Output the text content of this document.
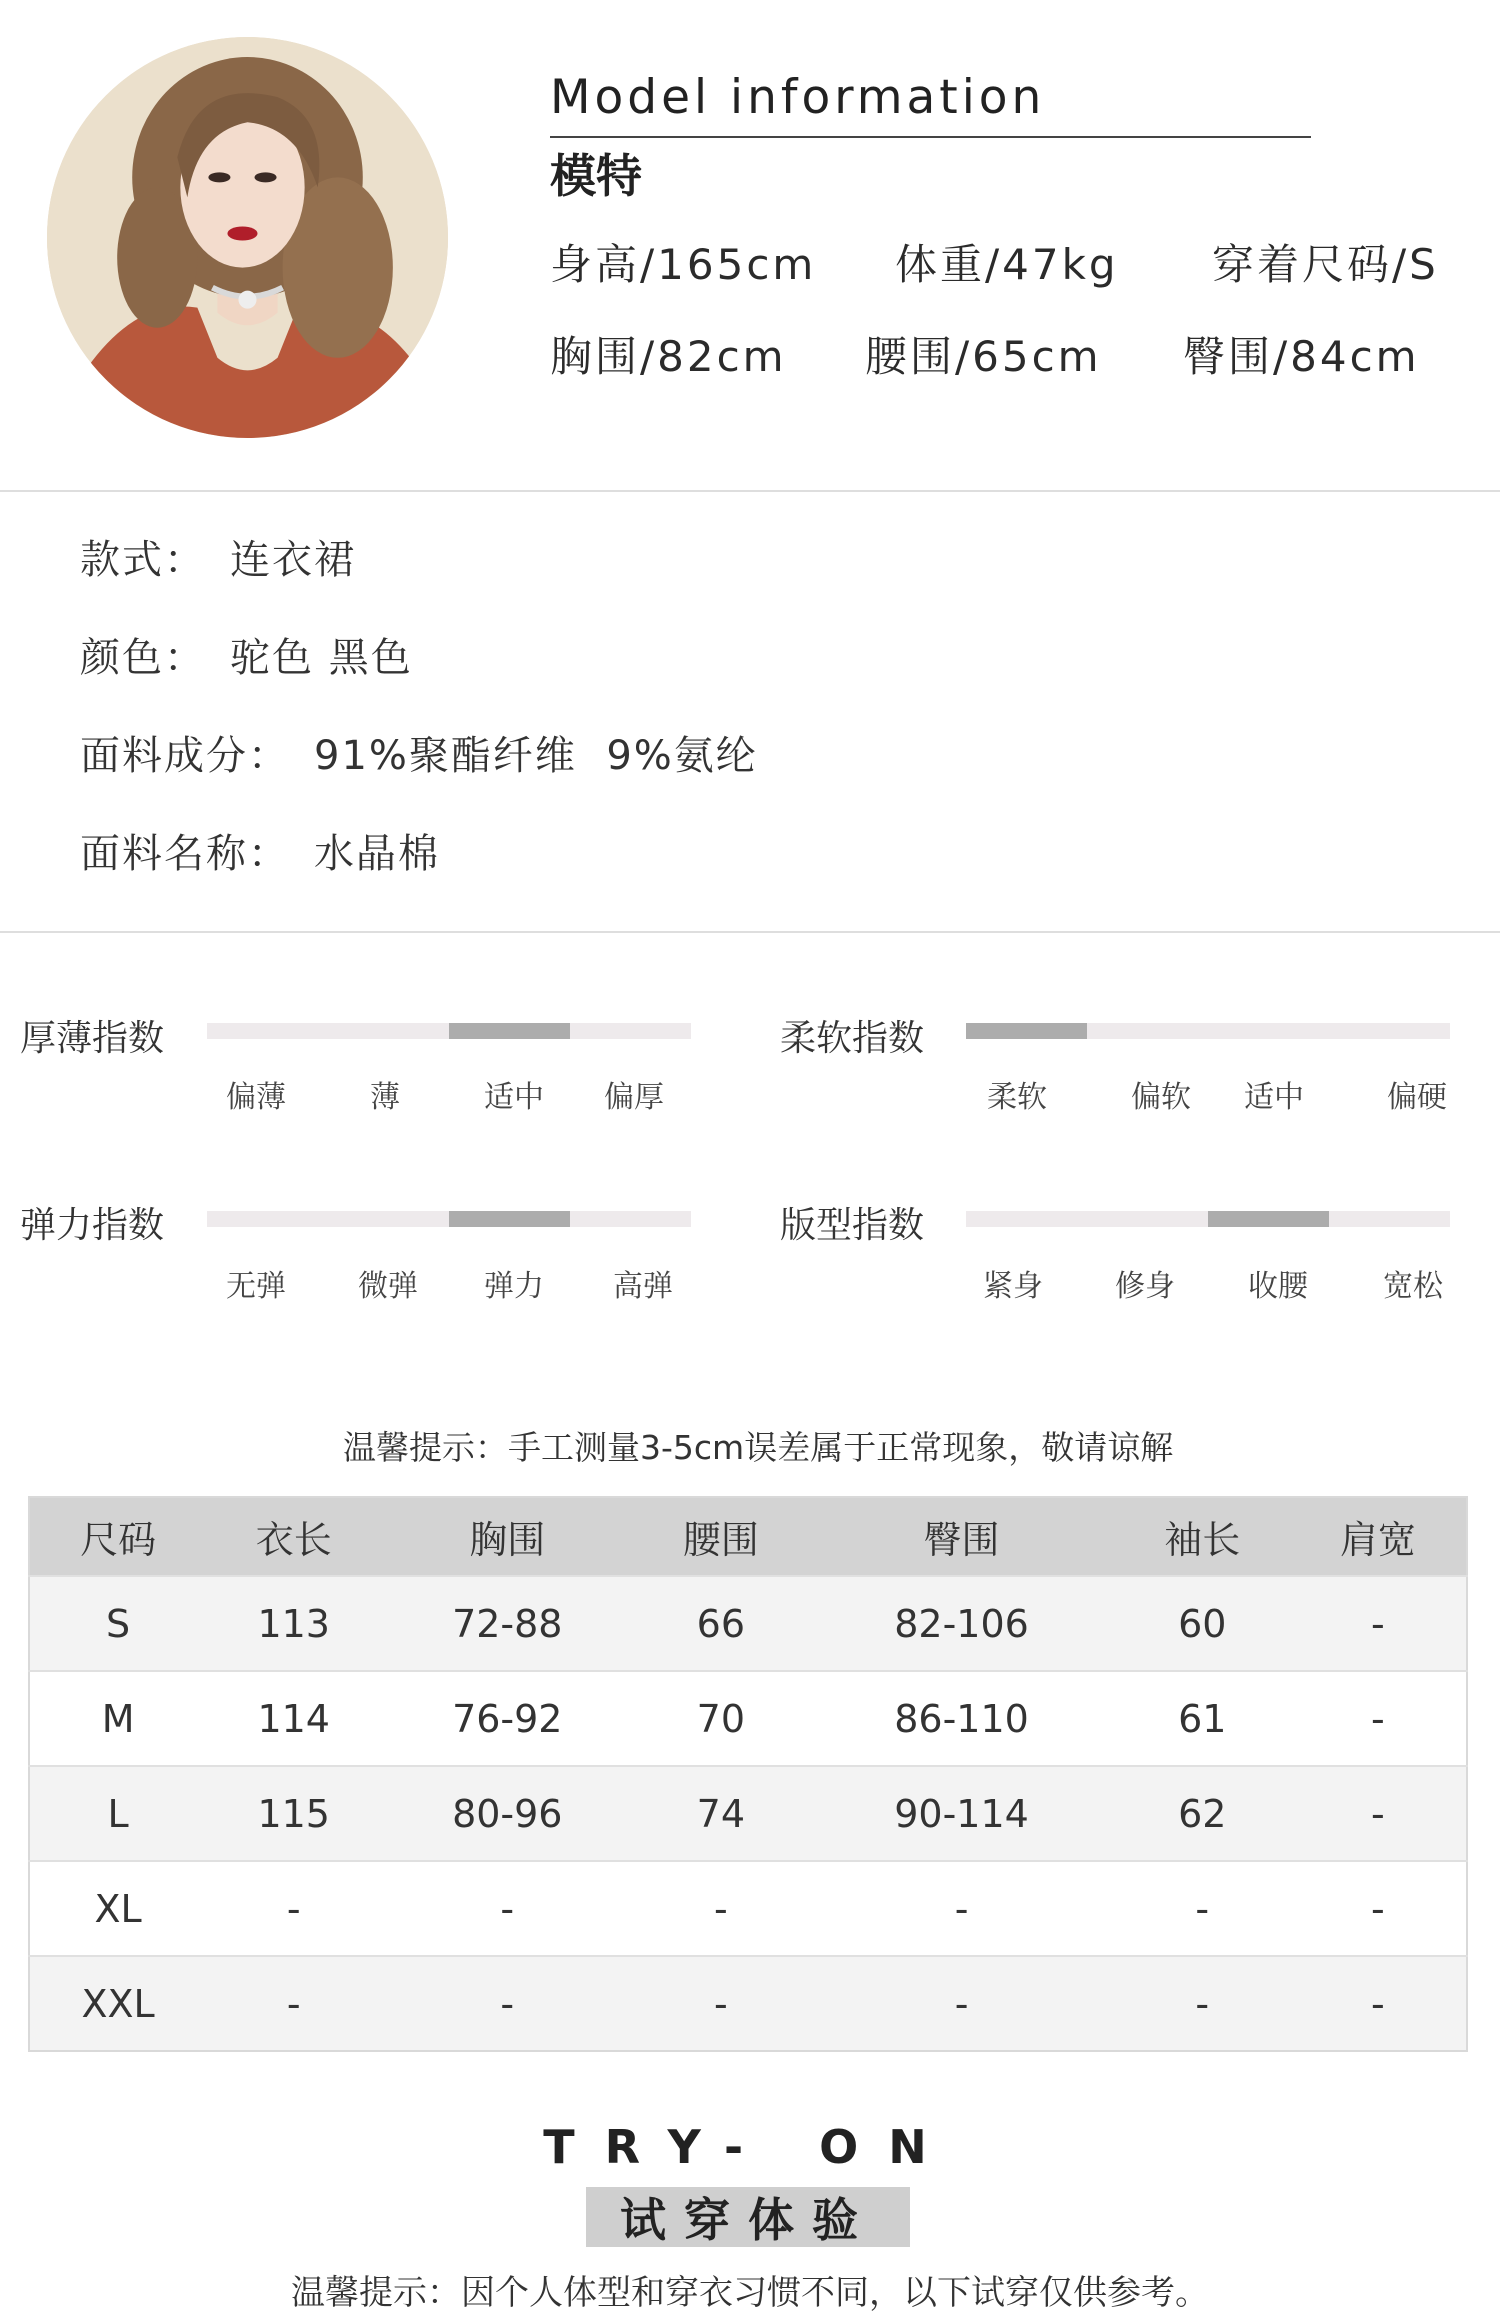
Model information
模特
身高/165cm 体重/47kg 穿着尺码/S
胸围/82cm 腰围/65cm 臀围/84cm
款式： 连衣裙
颜色： 驼色 黑色
面料成分： 91%聚酯纤维  9%氨纶
面料名称： 水晶棉
厚薄指数
偏薄	薄	适中 偏厚
柔软指数
柔软	偏软 适中	偏硬
弹力指数
无弹 微弹 弹力 高弹
版型指数
紧身 修身 收腰	宽松
温馨提示：手工测量3-5cm误差属于正常现象，敬请谅解
尺码	衣长	胸围	腰围	臀围	袖长	肩宽
S	113	72-88	66	82-106	60	-
M	114	76-92	70	86-110	61	-
L	115	80-96	74	90-114	62	-
XL	-	-	-	-	-	-
XXL	-	-	-	-	-	-
TRY- ON
试穿体验
温馨提示：因个人体型和穿衣习惯不同，以下试穿仅供参考。
